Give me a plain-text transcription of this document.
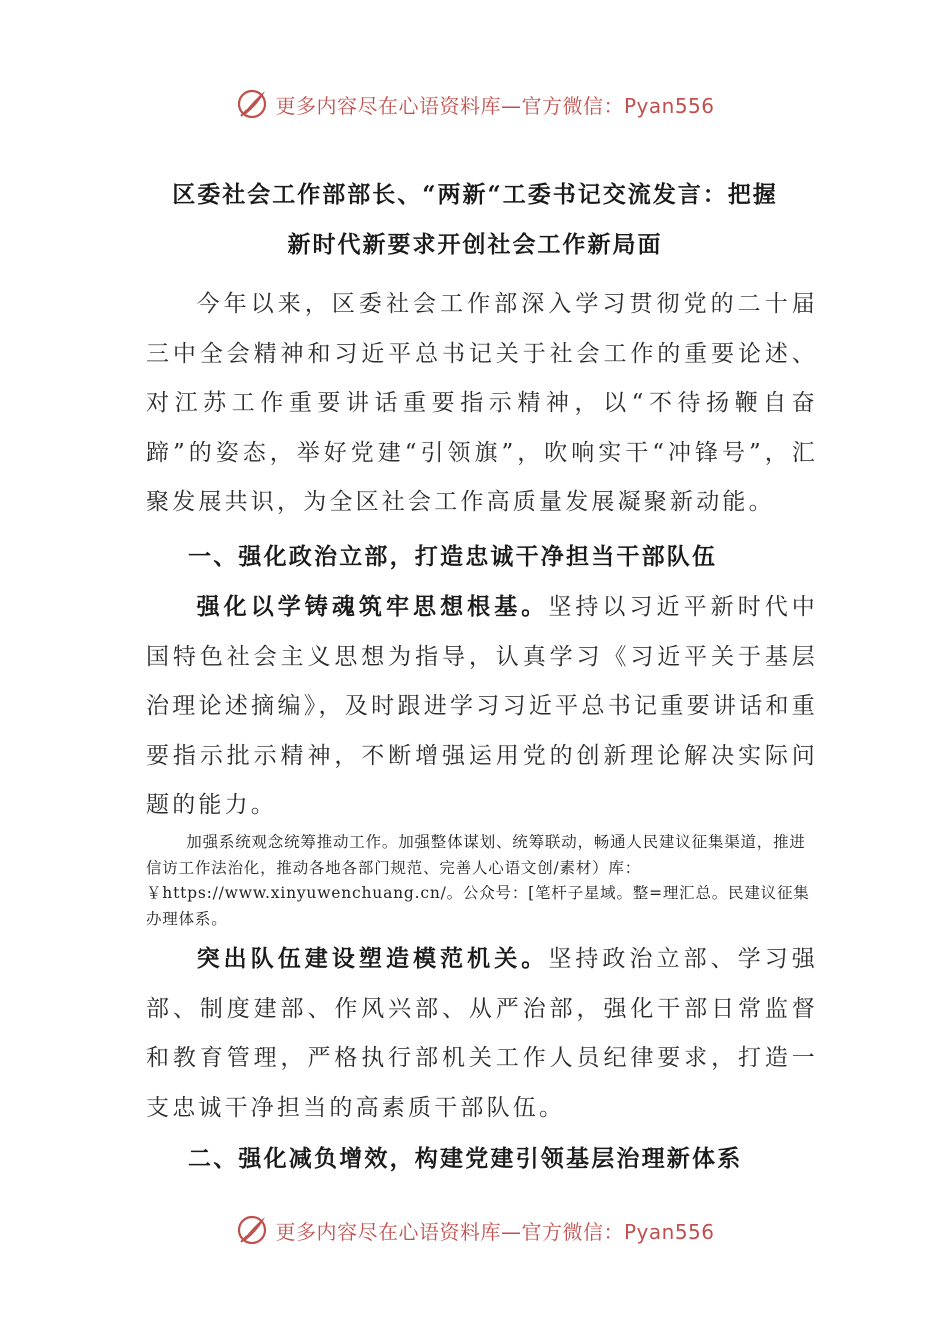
更多内容尽在心语资料库—官方微信：Pyan556
区委社会工作部部长、“两新“工委书记交流发言：把握
新时代新要求开创社会工作新局面

今年以来，区委社会工作部深入学习贯彻党的二十届三中全会精神和习近平总书记关于社会工作的重要论述、对江苏工作重要讲话重要指示精神，以“不待扬鞭自奋蹄”的姿态，举好党建“引领旗”，吹响实干“冲锋号”，汇聚发展共识，为全区社会工作高质量发展凝聚新动能。

一、强化政治立部，打造忠诚干净担当干部队伍

强化以学铸魂筑牢思想根基。坚持以习近平新时代中国特色社会主义思想为指导，认真学习《习近平关于基层治理论述摘编》，及时跟进学习习近平总书记重要讲话和重要指示批示精神，不断增强运用党的创新理论解决实际问题的能力。

加强系统观念统筹推动工作。加强整体谋划、统筹联动，畅通人民建议征集渠道，推进信访工作法治化，推动各地各部门规范、完善人心语文创/素材）库：￥https://www.xinyuwenchuang.cn/。公众号：[笔杆子星域。整=理汇总。民建议征集办理体系。

突出队伍建设塑造模范机关。坚持政治立部、学习强部、制度建部、作风兴部、从严治部，强化干部日常监督和教育管理，严格执行部机关工作人员纪律要求，打造一支忠诚干净担当的高素质干部队伍。

二、强化减负增效，构建党建引领基层治理新体系
更多内容尽在心语资料库—官方微信：Pyan556
